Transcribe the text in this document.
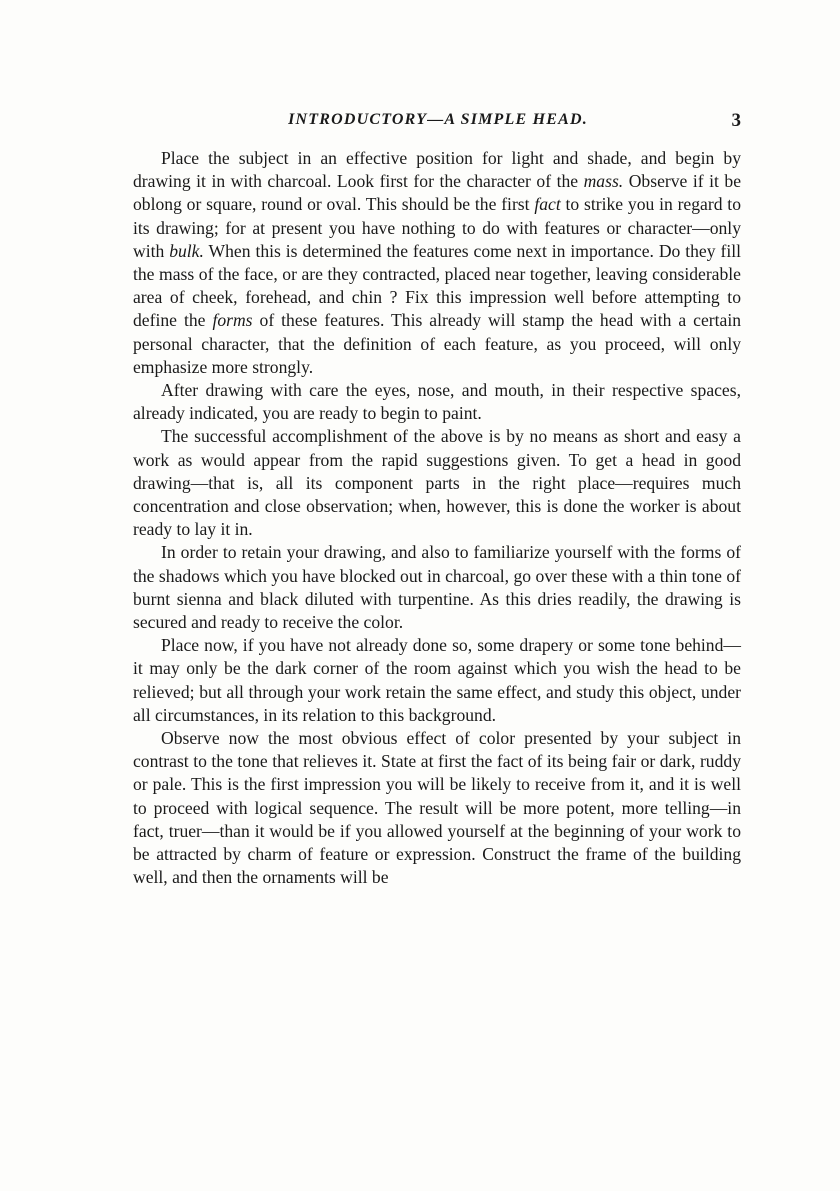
INTRODUCTORY—A SIMPLE HEAD.	3

Place the subject in an effective position for light and shade, and begin by drawing it in with charcoal. Look first for the character of the mass. Observe if it be oblong or square, round or oval. This should be the first fact to strike you in regard to its drawing; for at present you have nothing to do with features or character—only with bulk. When this is determined the features come next in importance. Do they fill the mass of the face, or are they contracted, placed near together, leaving considerable area of cheek, forehead, and chin ? Fix this impression well before attempting to define the forms of these features. This already will stamp the head with a certain personal character, that the definition of each feature, as you proceed, will only emphasize more strongly.

After drawing with care the eyes, nose, and mouth, in their respective spaces, already indicated, you are ready to begin to paint.

The successful accomplishment of the above is by no means as short and easy a work as would appear from the rapid suggestions given. To get a head in good drawing—that is, all its component parts in the right place—requires much concentration and close observation; when, however, this is done the worker is about ready to lay it in.

In order to retain your drawing, and also to familiarize yourself with the forms of the shadows which you have blocked out in charcoal, go over these with a thin tone of burnt sienna and black diluted with turpentine. As this dries readily, the drawing is secured and ready to receive the color.

Place now, if you have not already done so, some drapery or some tone behind—it may only be the dark corner of the room against which you wish the head to be relieved; but all through your work retain the same effect, and study this object, under all circumstances, in its relation to this background.

Observe now the most obvious effect of color presented by your subject in contrast to the tone that relieves it. State at first the fact of its being fair or dark, ruddy or pale. This is the first impression you will be likely to receive from it, and it is well to proceed with logical sequence. The result will be more potent, more telling—in fact, truer—than it would be if you allowed yourself at the beginning of your work to be attracted by charm of feature or expression. Construct the frame of the building well, and then the ornaments will be
